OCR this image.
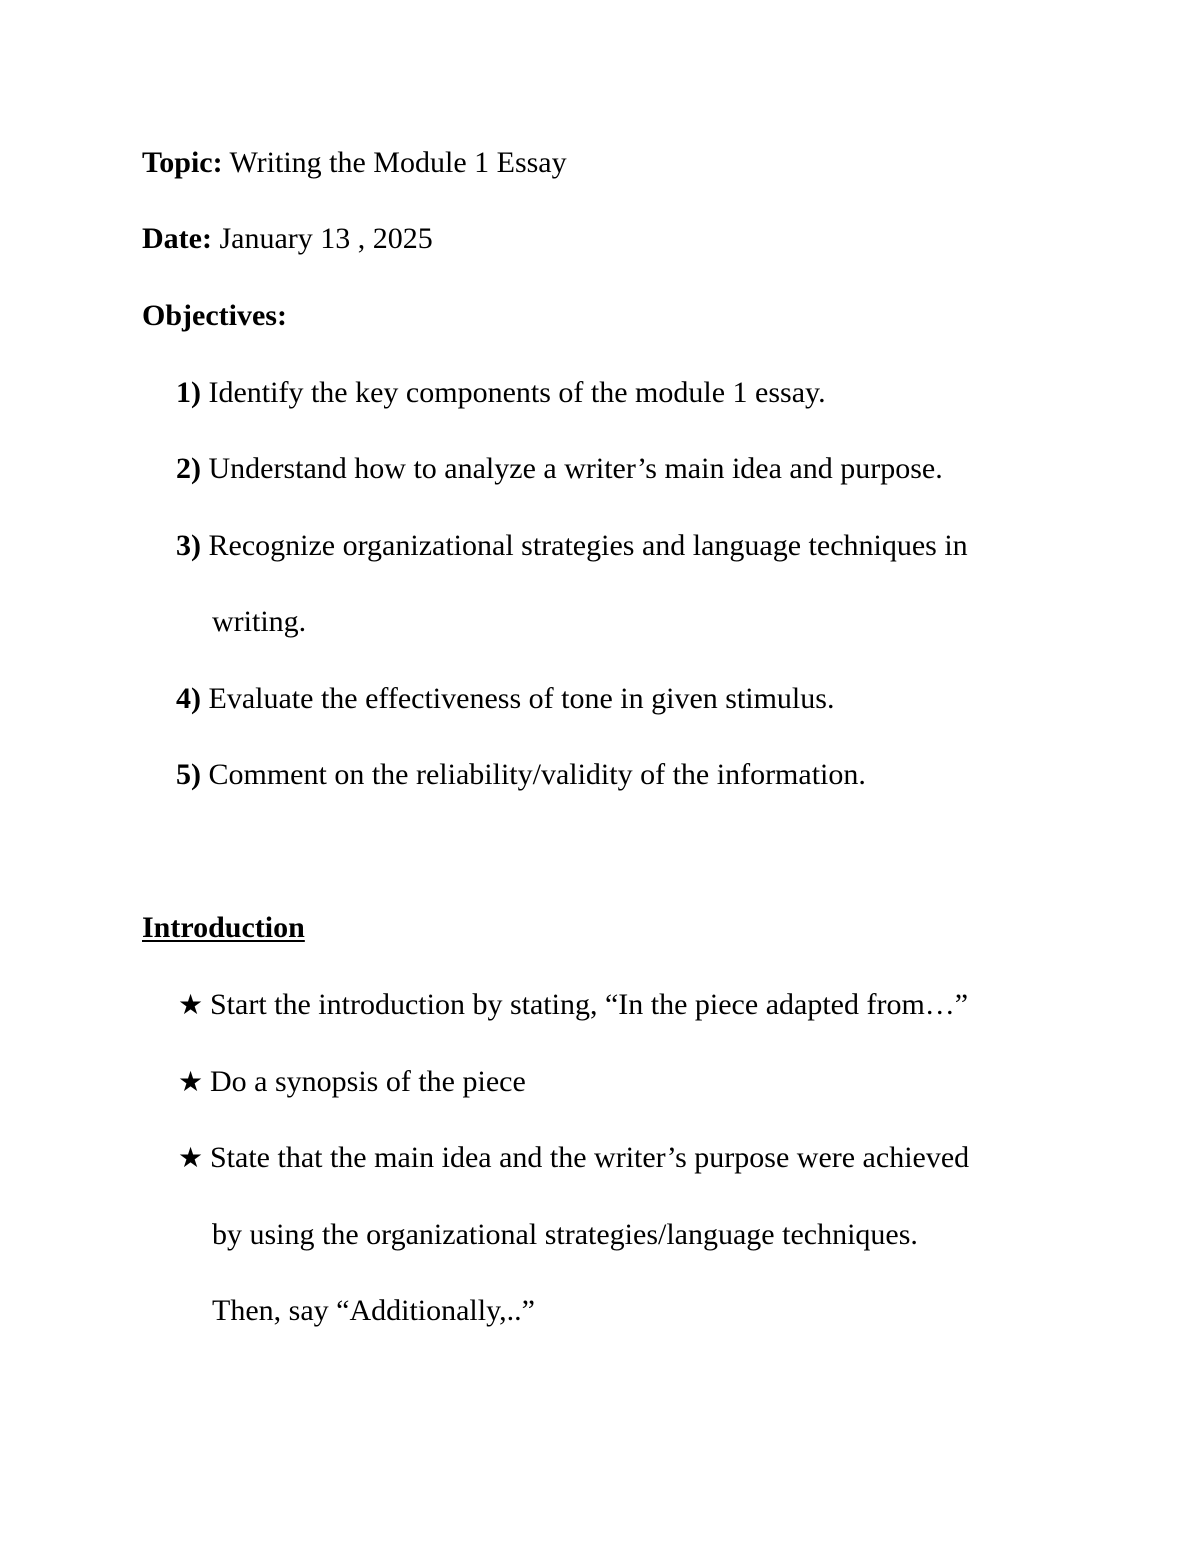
Topic: Writing the Module 1 Essay
Date: January 13 , 2025
Objectives:
1) Identify the key components of the module 1 essay.
2) Understand how to analyze a writer’s main idea and purpose.
3) Recognize organizational strategies and language techniques in
writing.
4) Evaluate the effectiveness of tone in given stimulus.
5) Comment on the reliability/validity of the information.
Introduction
★ Start the introduction by stating, “In the piece adapted from…”
★ Do a synopsis of the piece
★ State that the main idea and the writer’s purpose were achieved
by using the organizational strategies/language techniques.
Then, say “Additionally,..”
